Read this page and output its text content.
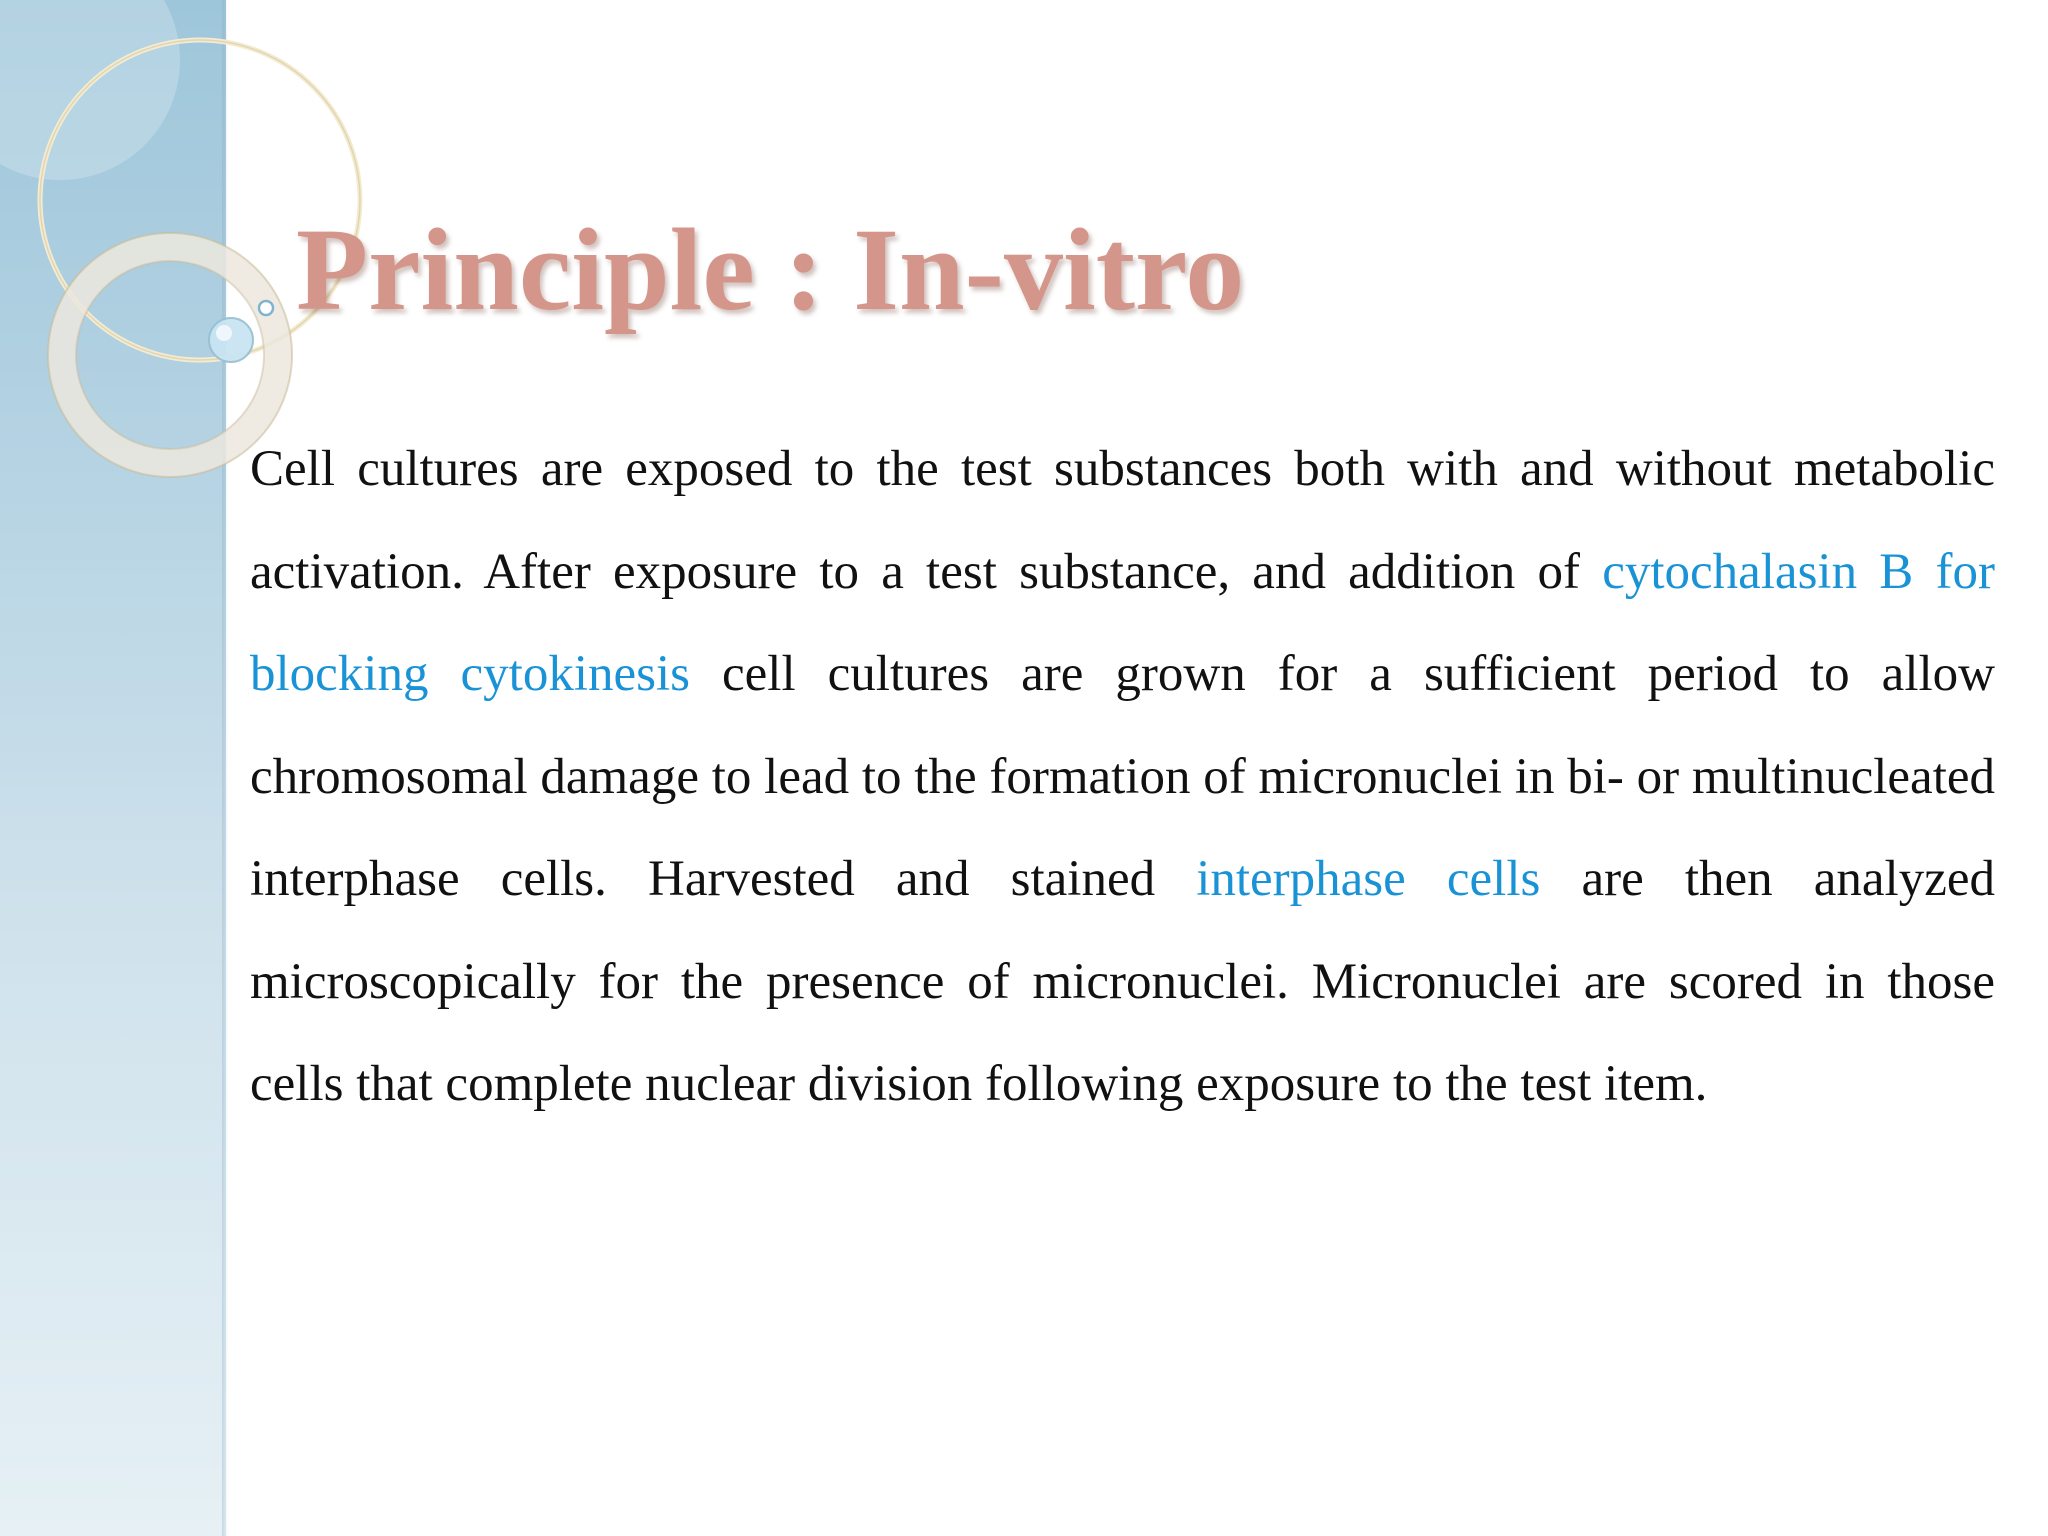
Principle : In-vitro

Cell cultures are exposed to the test substances both with and without metabolic activation. After exposure to a test substance, and addition of cytochalasin B for blocking cytokinesis cell cultures are grown for a sufficient period to allow chromosomal damage to lead to the formation of micronuclei in bi- or multinucleated interphase cells. Harvested and stained interphase cells are then analyzed microscopically for the presence of micronuclei. Micronuclei are scored in those cells that complete nuclear division following exposure to the test item.
